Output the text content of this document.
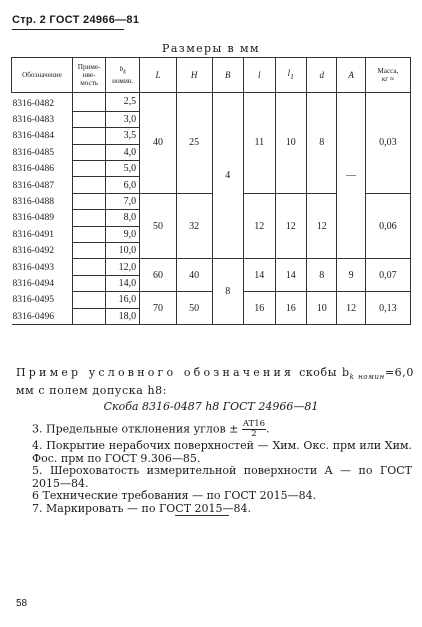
Стр. 2 ГОСТ 24966—81
Размеры в мм
Обозначение	Приме-
няе-
мость	$b_k$
номин.	L	H	B	l	$l_1$	d	A	Масса,
кг ≈
8316-0482		2,5	40	25	4	11	10	8	—	0,03
8316-0483		3,0								
8316-0484		3,5								
8316-0485		4,0								
8316-0486		5,0								
8316-0487		6,0								
8316-0488		7,0	50	32		12	12	12		0,06
8316-0489		8,0								
8316-0491		9,0								
8316-0492		10,0								
8316-0493		12,0	60	40	8	14	14	8	9	0,07
8316-0494		14,0								
8316-0495		16,0	70	50		16	16	10	12	0,13
8316-0496		18,0								
Пример условного обозначения скобы $b_{k номин}=6,0$ мм с полем допуска h8:
Скоба 8316-0487 h8 ГОСТ 24966—81
3. Предельные отклонения углов ± $\frac{AT16}{2}$ .
4. Покрытие нерабочих поверхностей — Хим. Окс. прм или Хим. Фос. прм по ГОСТ 9.306—85.
5. Шероховатость измерительной поверхности A — по ГОСТ 2015—84.
6 Технические требования — по ГОСТ 2015—84.
7. Маркировать — по ГОСТ 2015—84.
58
